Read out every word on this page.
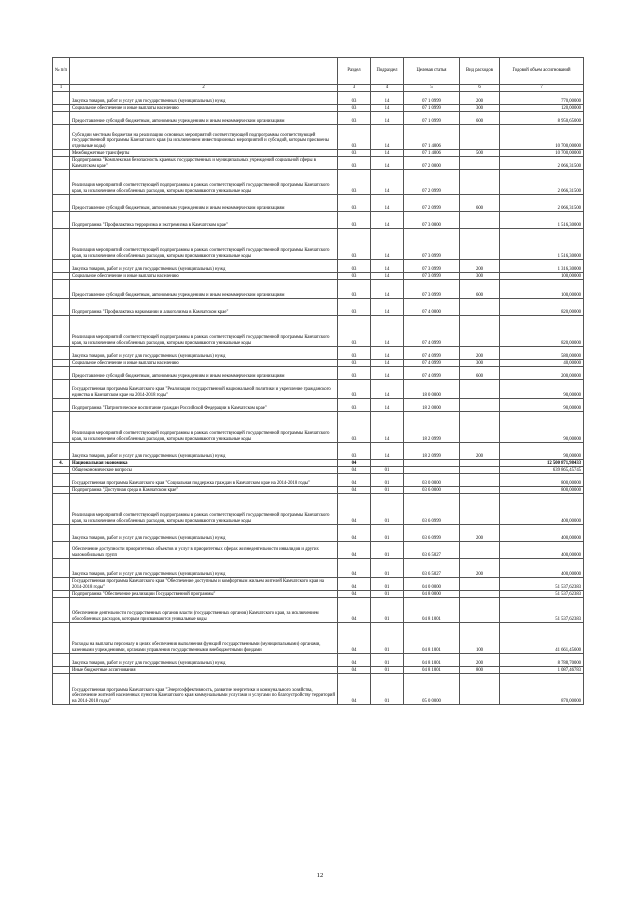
№ п/п		Раздел	Подраздел	Целевая статья	Вид расходов	Годовой объем ассигнований
1	2	3	4	5	6	7
	Закупка товаров, работ и услуг для государственных (муниципальных) нужд	03	14	07 1 0999	200	770,00000
	Социальное обеспечение и иные выплаты населению	03	14	07 1 0999	300	120,00000
	Предоставление субсидий бюджетным, автономным учреждениям и иным некоммерческим организациям	03	14	07 1 0999	600	8 950,65000
	Субсидии местным бюджетам на реализацию основных мероприятий соответствующей подпрограммы соответствующей государственной программы Камчатского края (за исключением инвестиционных мероприятий и субсидий, которым присвоены отдельные коды)	03	14	07 1 4006		10 700,00000
	Межбюджетные трансферты	03	14	07 1 4006	500	10 700,00000
	Подпрограмма "Комплексная безопасность краевых государственных и муниципальных учреждений социальной сферы в Камчатском крае"	03	14	07 2 0000		2 066,31500
	Реализация мероприятий соответствующей подпрограммы в рамках соответствующей государственной программы Камчатского края, за исключением обособленных расходов, которым присваиваются уникальные коды	03	14	07 2 0999		2 066,31500
	Предоставление субсидий бюджетным, автономным учреждениям и иным некоммерческим организациям	03	14	07 2 0999	600	2 066,31500
	Подпрограмма "Профилактика терроризма и экстремизма в Камчатском крае"	03	14	07 3 0000		1 516,30000
	Реализация мероприятий соответствующей подпрограммы в рамках соответствующей государственной программы Камчатского края, за исключением обособленных расходов, которым присваиваются уникальные коды	03	14	07 3 0999		1 516,30000
	Закупка товаров, работ и услуг для государственных (муниципальных) нужд	03	14	07 3 0999	200	1 316,30000
	Социальное обеспечение и иные выплаты населению	03	14	07 3 0999	300	100,00000
	Предоставление субсидий бюджетным, автономным учреждениям и иным некоммерческим организациям	03	14	07 3 0999	600	100,00000
	Подпрограмма "Профилактика наркомании и алкоголизма в Камчатском крае"	03	14	07 4 0000		820,00000
	Реализация мероприятий соответствующей подпрограммы в рамках соответствующей государственной программы Камчатского края, за исключением обособленных расходов, которым присваиваются уникальные коды	03	14	07 4 0999		820,00000
	Закупка товаров, работ и услуг для государственных (муниципальных) нужд	03	14	07 4 0999	200	580,00000
	Социальное обеспечение и иные выплаты населению	03	14	07 4 0999	300	40,00000
	Предоставление субсидий бюджетным, автономным учреждениям и иным некоммерческим организациям	03	14	07 4 0999	600	200,00000
	Государственная программа Камчатского края "Реализация государственной национальной политики и укрепление гражданского единства в Камчатском крае на 2014-2018 годы"	03	14	18 0 0000		90,00000
	Подпрограмма "Патриотическое воспитание граждан Российской Федерации в Камчатском крае"	03	14	18 2 0000		90,00000
	Реализация мероприятий соответствующей подпрограммы в рамках соответствующей государственной программы Камчатского края, за исключением обособленных расходов, которым присваиваются уникальные коды	03	14	18 2 0999		90,00000
	Закупка товаров, работ и услуг для государственных (муниципальных) нужд	03	14	18 2 0999	200	90,00000
4.	Национальная экономика	04				12 500 871,98433
	Общеэкономические вопросы	04	01			639 865,45745
	Государственная программа Камчатского края "Социальная поддержка граждан в Камчатском крае на 2014-2018 годы"	04	01	03 0 0000		800,00000
	Подпрограмма "Доступная среда в Камчатском крае"	04	01	03 6 0000		800,00000
	Реализация мероприятий соответствующей подпрограммы в рамках соответствующей государственной программы Камчатского края, за исключением обособленных расходов, которым присваиваются уникальные коды	04	01	03 6 0999		400,00000
	Закупка товаров, работ и услуг для государственных (муниципальных) нужд	04	01	03 6 0999	200	400,00000
	Обеспечение доступности приоритетных объектов и услуг в приоритетных сферах жизнедеятельности инвалидов и других маломобильных групп	04	01	03 6 5027		400,00000
	Закупка товаров, работ и услуг для государственных (муниципальных) нужд	04	01	03 6 5027	200	400,00000
	Государственная программа Камчатского края "Обеспечение доступным и комфортным жильем жителей Камчатского края на 2014-2018 годы"	04	01	04 0 0000		51 537,62383
	Подпрограмма "Обеспечение реализации Государственной программы"	04	01	04 8 0000		51 537,62383
	Обеспечение деятельности государственных органов власти (государственных органов) Камчатского края, за исключением обособленных расходов, которым присваиваются уникальные коды	04	01	04 8 1001		51 537,62383
	Расходы на выплаты персоналу в целях обеспечения выполнения функций государственными (муниципальными) органами, казенными учреждениями, органами управления государственными внебюджетными фондами	04	01	04 8 1001	100	41 661,45600
	Закупка товаров, работ и услуг для государственных (муниципальных) нужд	04	01	04 8 1001	200	8 788,70000
	Иные бюджетные ассигнования	04	01	04 8 1001	800	1 087,46783
	Государственная программа Камчатского края "Энергоэффективность, развитие энергетики и коммунального хозяйства, обеспечение жителей населенных пунктов Камчатского края коммунальными услугами и услугами по благоустройству территорий на 2014-2018 годы"	04	01	05 0 0000		870,00000
12
